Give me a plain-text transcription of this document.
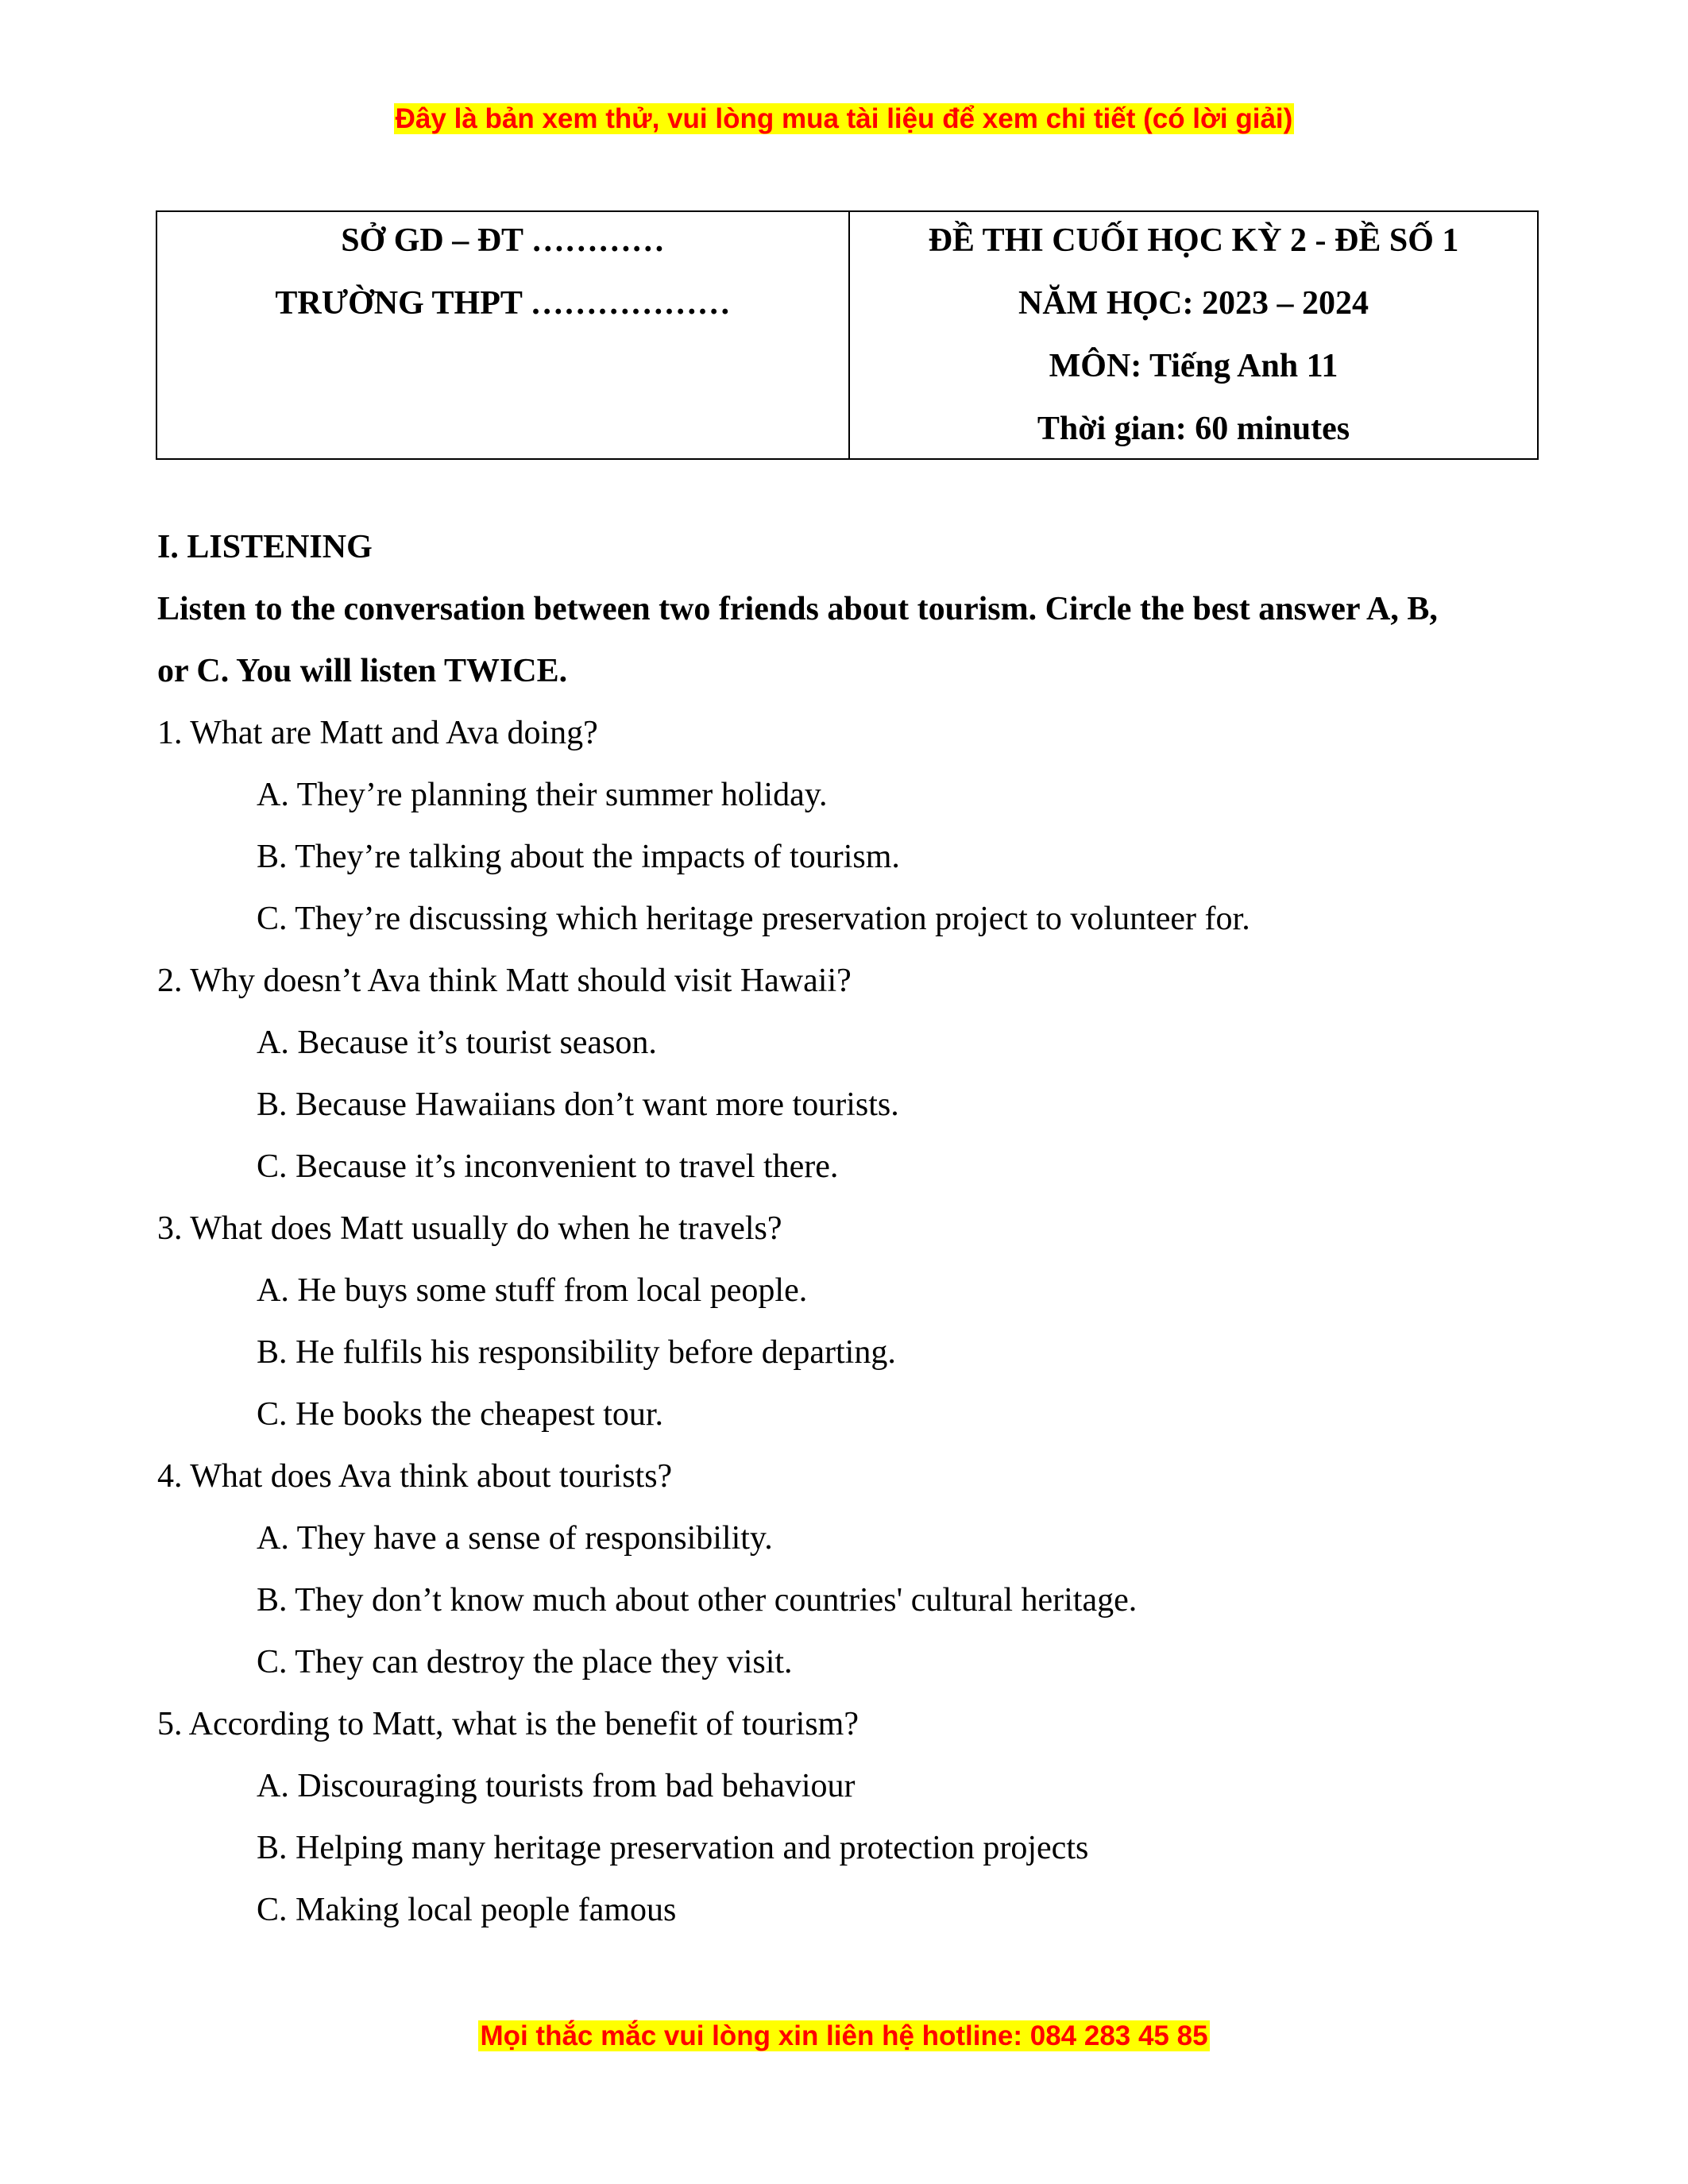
Đây là bản xem thử, vui lòng mua tài liệu để xem chi tiết (có lời giải)
SỞ GD – ĐT …………
TRƯỜNG THPT ………………
ĐỀ THI CUỐI HỌC KỲ 2 - ĐỀ SỐ 1
NĂM HỌC: 2023 – 2024
MÔN: Tiếng Anh 11
Thời gian: 60 minutes
I. LISTENING
Listen to the conversation between two friends about tourism. Circle the best answer A, B,
or C. You will listen TWICE.
1. What are Matt and Ava doing?
A. They’re planning their summer holiday.
B. They’re talking about the impacts of tourism.
C. They’re discussing which heritage preservation project to volunteer for.
2. Why doesn’t Ava think Matt should visit Hawaii?
A. Because it’s tourist season.
B. Because Hawaiians don’t want more tourists.
C. Because it’s inconvenient to travel there.
3. What does Matt usually do when he travels?
A. He buys some stuff from local people.
B. He fulfils his responsibility before departing.
C. He books the cheapest tour.
4. What does Ava think about tourists?
A. They have a sense of responsibility.
B. They don’t know much about other countries' cultural heritage.
C. They can destroy the place they visit.
5. According to Matt, what is the benefit of tourism?
A. Discouraging tourists from bad behaviour
B. Helping many heritage preservation and protection projects
C. Making local people famous
Mọi thắc mắc vui lòng xin liên hệ hotline: 084 283 45 85
